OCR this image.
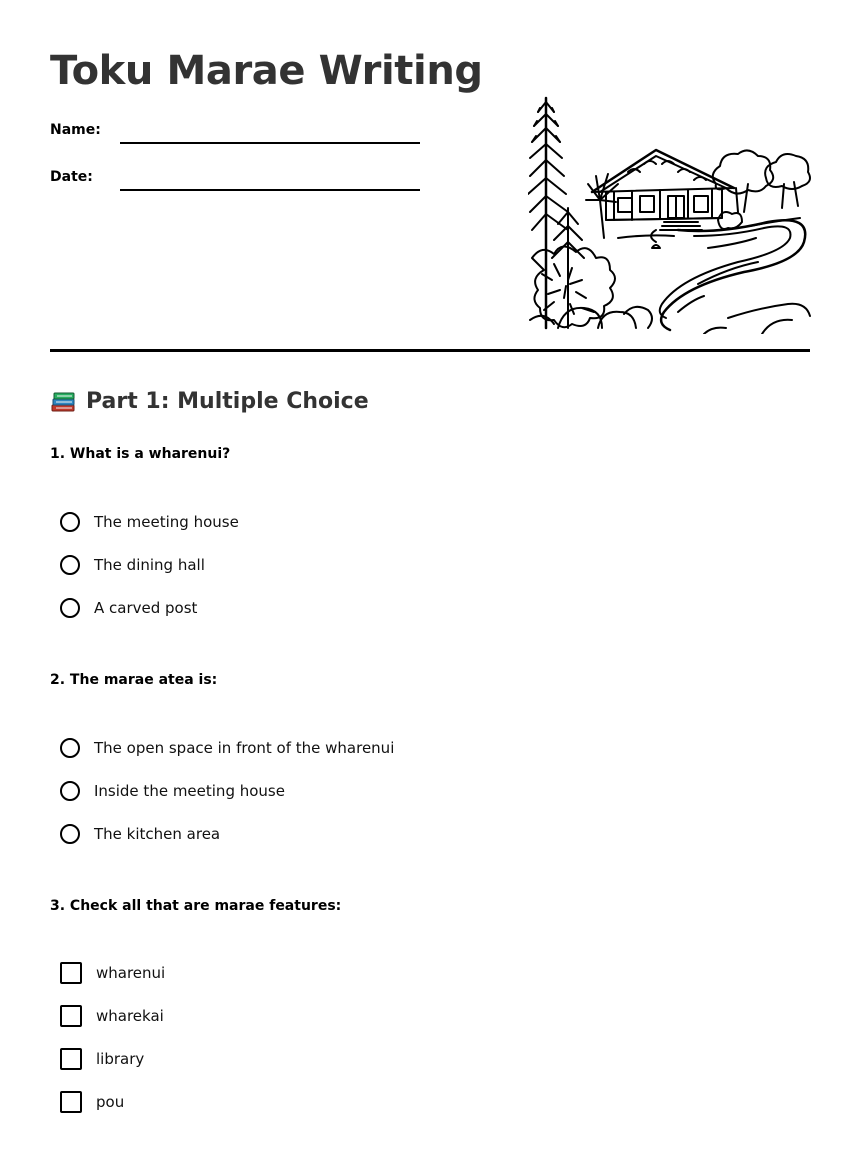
Toku Marae Writing
Name:
Date:
Part 1: Multiple Choice

1. What is a wharenui?

The meeting house
The dining hall
A carved post

2. The marae atea is:

The open space in front of the wharenui
Inside the meeting house
The kitchen area

3. Check all that are marae features:

wharenui
wharekai
library
pou
